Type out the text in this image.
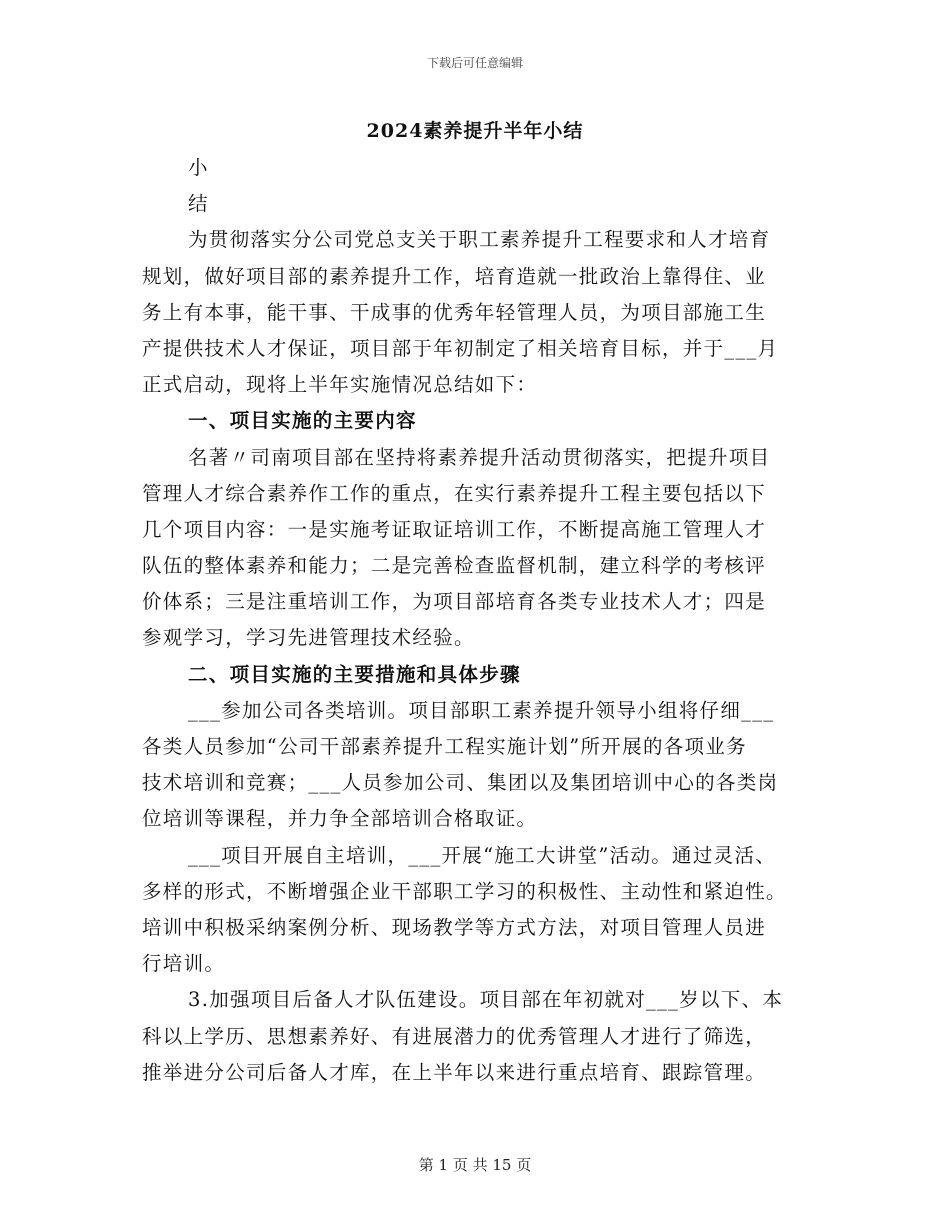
下载后可任意编辑
2024素养提升半年小结
小
结
为贯彻落实分公司党总支关于职工素养提升工程要求和人才培育
规划，做好项目部的素养提升工作，培育造就一批政治上靠得住、业
务上有本事，能干事、干成事的优秀年轻管理人员，为项目部施工生
产提供技术人才保证，项目部于年初制定了相关培育目标，并于___月
正式启动，现将上半年实施情况总结如下：
一、项目实施的主要内容
名著〃司南项目部在坚持将素养提升活动贯彻落实，把提升项目
管理人才综合素养作工作的重点，在实行素养提升工程主要包括以下
几个项目内容：一是实施考证取证培训工作，不断提高施工管理人才
队伍的整体素养和能力；二是完善检查监督机制，建立科学的考核评
价体系；三是注重培训工作，为项目部培育各类专业技术人才；四是
参观学习，学习先进管理技术经验。
二、项目实施的主要措施和具体步骤
___参加公司各类培训。项目部职工素养提升领导小组将仔细___
各类人员参加“公司干部素养提升工程实施计划”所开展的各项业务
技术培训和竞赛；___人员参加公司、集团以及集团培训中心的各类岗
位培训等课程，并力争全部培训合格取证。
___项目开展自主培训，___开展“施工大讲堂”活动。通过灵活、
多样的形式，不断增强企业干部职工学习的积极性、主动性和紧迫性。
培训中积极采纳案例分析、现场教学等方式方法，对项目管理人员进
行培训。
3.加强项目后备人才队伍建设。项目部在年初就对___岁以下、本
科以上学历、思想素养好、有进展潜力的优秀管理人才进行了筛选，
推举进分公司后备人才库，在上半年以来进行重点培育、跟踪管理。
第 1 页 共 15 页
